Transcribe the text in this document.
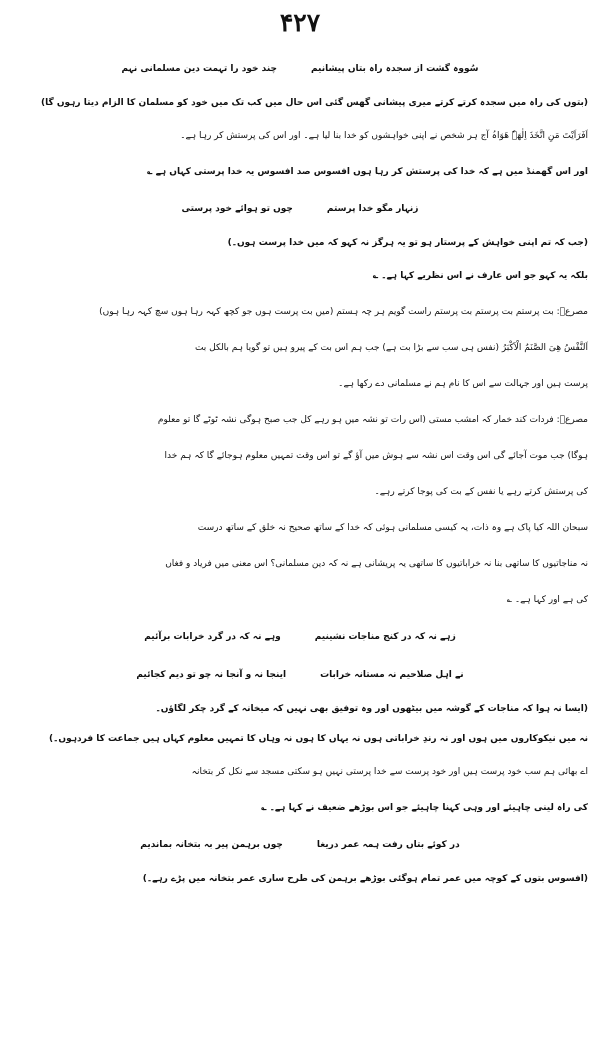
۴۲۷
سُووہ گشت از سجدہ راہ بتاں پیشانیم
چند خود را تہمت دین مسلمانی نہم
(بتوں کی راہ میں سجدہ کرتے کرتے میری پیشانی گھس گئی اس حال میں کب تک میں خود کو مسلمان کا الزام دیتا رہوں گا)
اَفَرَاَیْتَ مَنِ اتَّخَذَ اِلٰھَہٗ ھَوَاہُ آج ہر شخص نے اپنی خواہشوں کو خدا بنا لیا ہے۔ اور اس کی پرستش کر رہا ہے۔
اور اس گھمنڈ میں ہے کہ خدا کی پرستش کر رہا ہوں افسوس صد افسوس یہ خدا پرستی کہاں ہے ؎
زنہار مگو خدا پرستم
چوں تو ہوائے خود پرستی
(جب کہ تم اپنی خواہش کے پرستار ہو تو یہ ہرگز نہ کہو کہ میں خدا پرست ہوں۔)
بلکہ یہ کہو جو اس عارف نے اس نظریے کہا ہے۔ ؎
مصرعؔ: بت پرستم بت پرستم بت پرستم راست گویم ہر چہ ہستم (میں بت پرست ہوں جو کچھ کہہ رہا ہوں سچ کہہ رہا ہوں)
اَلنَّفْسُ ھِیَ الصَّنَمُ الْاَکْبَرُ (نفس ہی سب سے بڑا بت ہے) جب ہم اس بت کے پیرو ہیں تو گویا ہم بالکل بت
پرست ہیں اور جہالت سے اس کا نام ہم نے مسلمانی دے رکھا ہے۔
مصرعؔ: فردات کند خمار کہ امشب مستی (اس رات تو نشہ میں ہو رہے کل جب صبح ہوگی نشہ ٹوٹے گا تو معلوم
ہوگا) جب موت آجائے گی اس وقت اس نشہ سے ہوش میں آؤ گے تو اس وقت تمہیں معلوم ہوجائے گا کہ ہم خدا
کی پرستش کرتے رہے یا نفس کے بت کی پوجا کرتے رہے۔
سبحان اللہ کیا پاک ہے وہ ذات، یہ کیسی مسلمانی ہوئی کہ خدا کے ساتھ صحیح نہ خلق کے ساتھ درست
نہ مناجاتیوں کا ساتھی بنا نہ خراباتیوں کا ساتھی یہ پریشانی ہے نہ کہ دین مسلمانی؟ اس معنی میں فریاد و فغاں
کی ہے اور کہا ہے۔ ؎
زہے نہ کہ در کنج مناجات نشینیم
وہے نہ کہ در گرد خرابات برآئیم
نے اہل صلاحیم نہ مستانہ خرابات
اینجا نہ و آنجا نہ چو تو دیم کجائیم
(ایسا نہ ہوا کہ مناجات کے گوشہ میں بیٹھوں اور وہ توفیق بھی نہیں کہ میخانہ کے گرد چکر لگاؤں۔
نہ میں نیکوکاروں میں ہوں اور نہ رندِ خراباتی ہوں نہ یہاں کا ہوں نہ وہاں کا تمہیں معلوم کہاں ہیں جماعت کا فردہوں۔)
اے بھائی ہم سب خود پرست ہیں اور خود پرست سے خدا پرستی نہیں ہو سکتی مسجد سے نکل کر بتخانہ
کی راہ لینی چاہیئے اور وہی کہنا چاہیئے جو اس بوڑھے ضعیف نے کہا ہے۔ ؎
در کوئے بتاں رفت ہمہ عمر دریغا
چوں برہمن پیر بہ بتخانہ بماندیم
(افسوس بتوں کے کوچہ میں عمر تمام ہوگئی بوڑھے برہمن کی طرح ساری عمر بتخانہ میں پڑے رہے۔)
